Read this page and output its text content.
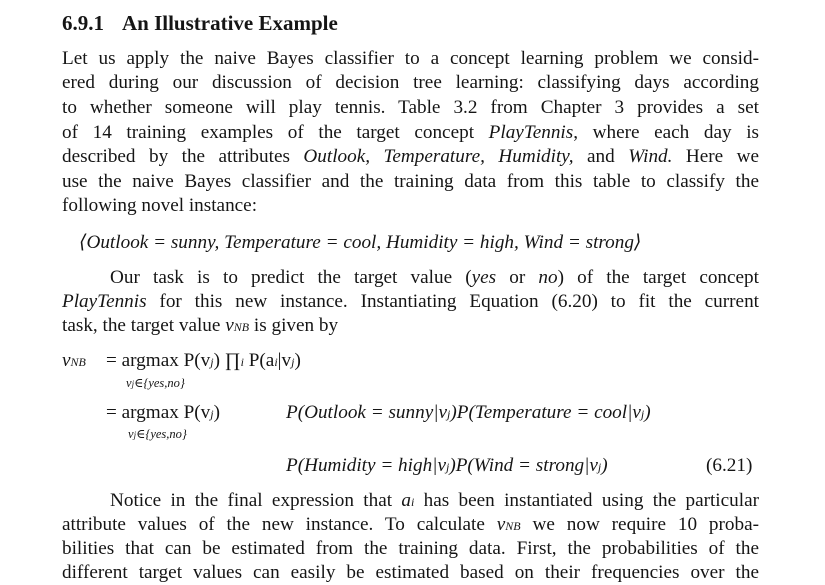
6.9.1 An Illustrative Example
Let us apply the naive Bayes classifier to a concept learning problem we consid-
ered during our discussion of decision tree learning: classifying days according
to whether someone will play tennis. Table 3.2 from Chapter 3 provides a set
of 14 training examples of the target concept PlayTennis, where each day is
described by the attributes Outlook, Temperature, Humidity, and Wind. Here we
use the naive Bayes classifier and the training data from this table to classify the
following novel instance:
⟨Outlook = sunny, Temperature = cool, Humidity = high, Wind = strong⟩
Our task is to predict the target value (yes or no) of the target concept
PlayTennis for this new instance. Instantiating Equation (6.20) to fit the current
task, the target value vNB is given by
vNB = argmax P(vj) ∏i P(ai|vj)
vj∈{yes,no}
= argmax P(vj)	P(Outlook = sunny|vj)P(Temperature = cool|vj)
vj∈{yes,no}
P(Humidity = high|vj)P(Wind = strong|vj)	(6.21)
Notice in the final expression that ai has been instantiated using the particular
attribute values of the new instance. To calculate vNB we now require 10 proba-
bilities that can be estimated from the training data. First, the probabilities of the
different target values can easily be estimated based on their frequencies over the
